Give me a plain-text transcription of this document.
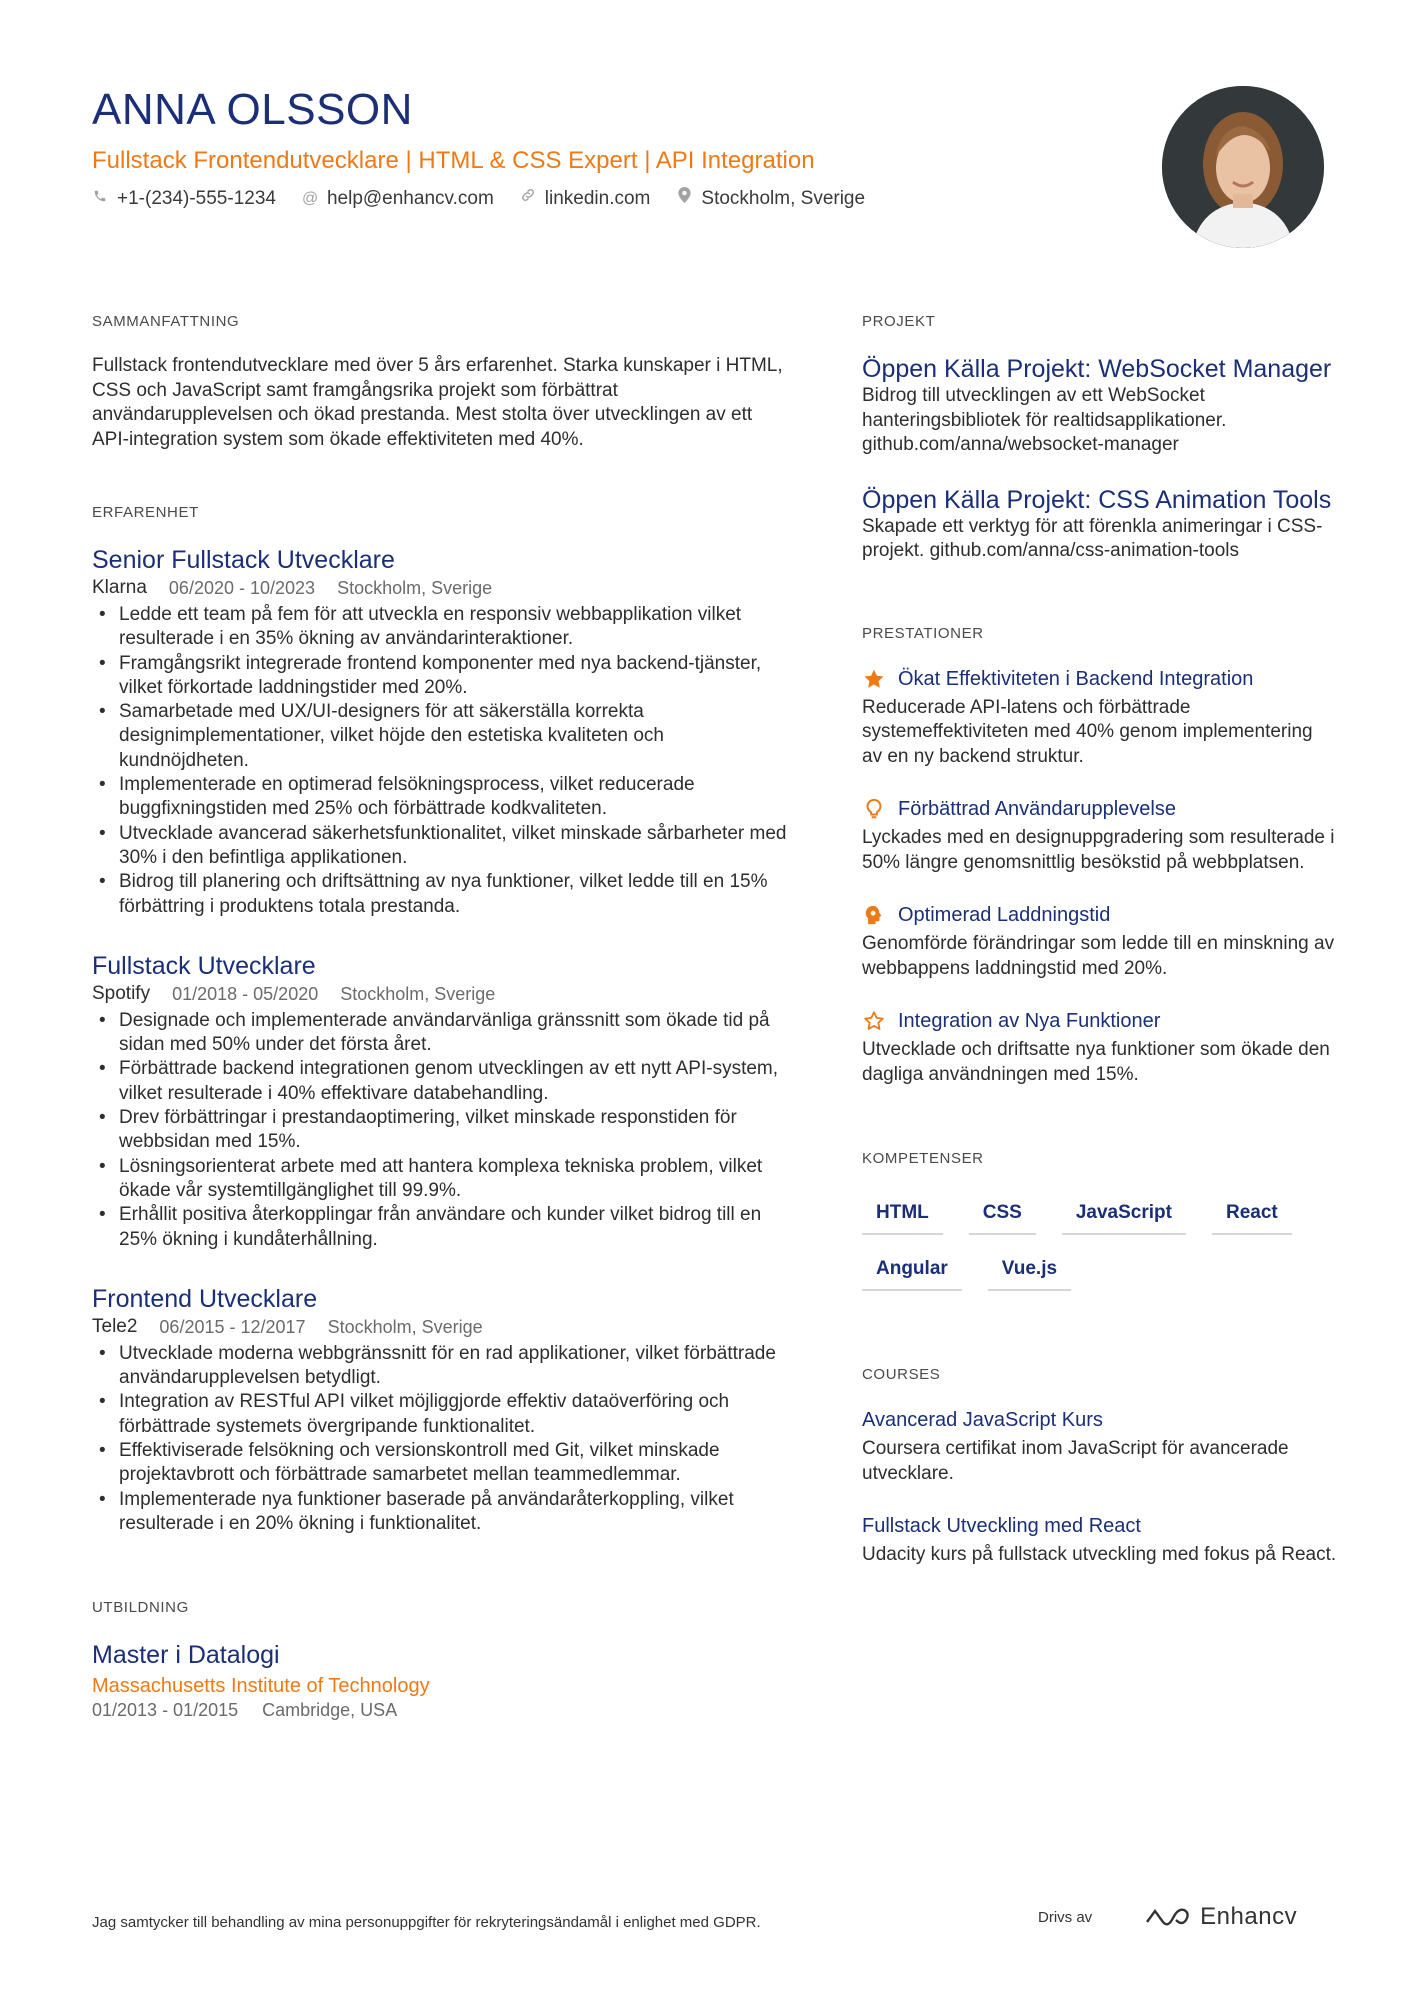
ANNA OLSSON
Fullstack Frontendutvecklare | HTML & CSS Expert | API Integration
+1-(234)-555-1234 @ help@enhancv.com	linkedin.com	Stockholm, Sverige
SAMMANFATTNING
Fullstack frontendutvecklare med över 5 års erfarenhet. Starka kunskaper i HTML, CSS och JavaScript samt framgångsrika projekt som förbättrat användarupplevelsen och ökad prestanda. Mest stolta över utvecklingen av ett API-integration system som ökade effektiviteten med 40%.
ERFARENHET
Senior Fullstack Utvecklare
Klarna 06/2020 - 10/2023 Stockholm, Sverige
• Ledde ett team på fem för att utveckla en responsiv webbapplikation vilket resulterade i en 35% ökning av användarinteraktioner.
• Framgångsrikt integrerade frontend komponenter med nya backend-tjänster, vilket förkortade laddningstider med 20%.
• Samarbetade med UX/UI-designers för att säkerställa korrekta designimplementationer, vilket höjde den estetiska kvaliteten och kundnöjdheten.
• Implementerade en optimerad felsökningsprocess, vilket reducerade buggfixningstiden med 25% och förbättrade kodkvaliteten.
• Utvecklade avancerad säkerhetsfunktionalitet, vilket minskade sårbarheter med 30% i den befintliga applikationen.
• Bidrog till planering och driftsättning av nya funktioner, vilket ledde till en 15% förbättring i produktens totala prestanda.
Fullstack Utvecklare
Spotify 01/2018 - 05/2020 Stockholm, Sverige
• Designade och implementerade användarvänliga gränssnitt som ökade tid på sidan med 50% under det första året.
• Förbättrade backend integrationen genom utvecklingen av ett nytt API-system, vilket resulterade i 40% effektivare databehandling.
• Drev förbättringar i prestandaoptimering, vilket minskade responstiden för webbsidan med 15%.
• Lösningsorienterat arbete med att hantera komplexa tekniska problem, vilket ökade vår systemtillgänglighet till 99.9%.
• Erhållit positiva återkopplingar från användare och kunder vilket bidrog till en 25% ökning i kundåterhållning.
Frontend Utvecklare
Tele2 06/2015 - 12/2017 Stockholm, Sverige
• Utvecklade moderna webbgränssnitt för en rad applikationer, vilket förbättrade användarupplevelsen betydligt.
• Integration av RESTful API vilket möjliggjorde effektiv dataöverföring och förbättrade systemets övergripande funktionalitet.
• Effektiviserade felsökning och versionskontroll med Git, vilket minskade projektavbrott och förbättrade samarbetet mellan teammedlemmar.
• Implementerade nya funktioner baserade på användaråterkoppling, vilket resulterade i en 20% ökning i funktionalitet.
UTBILDNING
Master i Datalogi
Massachusetts Institute of Technology
01/2013 - 01/2015 Cambridge, USA
PROJEKT
Öppen Källa Projekt: WebSocket Manager
Bidrog till utvecklingen av ett WebSocket hanteringsbibliotek för realtidsapplikationer. github.com/anna/websocket-manager
Öppen Källa Projekt: CSS Animation Tools
Skapade ett verktyg för att förenkla animeringar i CSS-projekt. github.com/anna/css-animation-tools
PRESTATIONER
Ökat Effektiviteten i Backend Integration
Reducerade API-latens och förbättrade systemeffektiviteten med 40% genom implementering av en ny backend struktur.
Förbättrad Användarupplevelse
Lyckades med en designuppgradering som resulterade i 50% längre genomsnittlig besökstid på webbplatsen.
Optimerad Laddningstid
Genomförde förändringar som ledde till en minskning av webbappens laddningstid med 20%.
Integration av Nya Funktioner
Utvecklade och driftsatte nya funktioner som ökade den dagliga användningen med 15%.
KOMPETENSER
HTML	CSS	JavaScript	React
Angular	Vue.js
COURSES
Avancerad JavaScript Kurs
Coursera certifikat inom JavaScript för avancerade utvecklare.
Fullstack Utveckling med React
Udacity kurs på fullstack utveckling med fokus på React.
Jag samtycker till behandling av mina personuppgifter för rekryteringsändamål i enlighet med GDPR.	Drivs av	Enhancv
